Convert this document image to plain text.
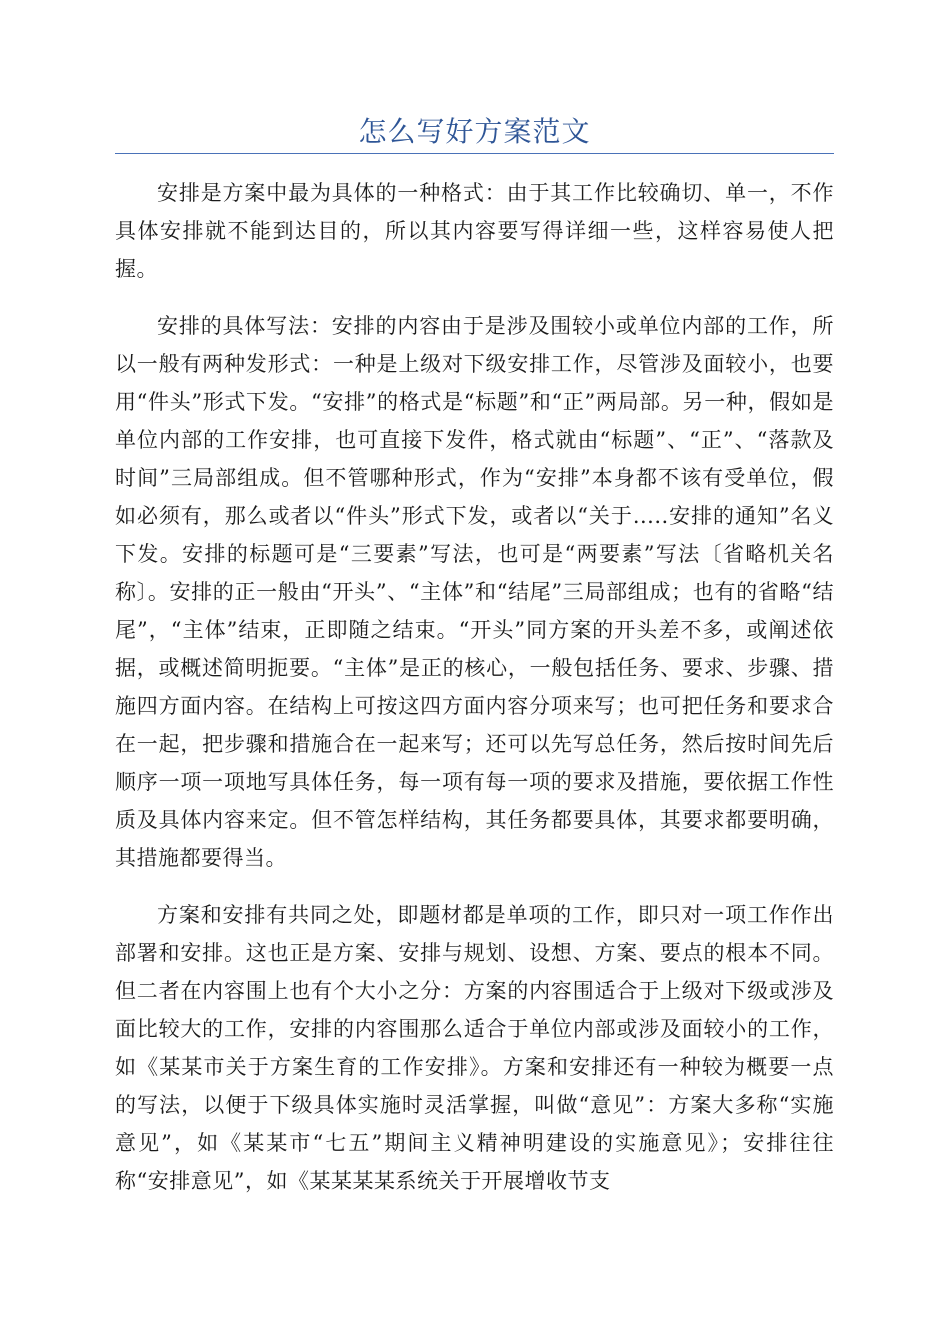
怎么写好方案范文

安排是方案中最为具体的一种格式：由于其工作比较确切、单一，不作具体安排就不能到达目的，所以其内容要写得详细一些，这样容易使人把握。

安排的具体写法：安排的内容由于是涉及围较小或单位内部的工作，所以一般有两种发形式：一种是上级对下级安排工作，尽管涉及面较小，也要用“件头”形式下发。“安排”的格式是“标题”和“正”两局部。另一种，假如是单位内部的工作安排，也可直接下发件，格式就由“标题”、“正”、“落款及时间”三局部组成。但不管哪种形式，作为“安排”本身都不该有受单位，假如必须有，那么或者以“件头”形式下发，或者以“关于.....安排的通知”名义下发。安排的标题可是“三要素”写法，也可是“两要素”写法〔省略机关名称〕。安排的正一般由“开头”、“主体”和“结尾”三局部组成；也有的省略“结尾”，“主体”结束，正即随之结束。“开头”同方案的开头差不多，或阐述依据，或概述简明扼要。“主体”是正的核心，一般包括任务、要求、步骤、措施四方面内容。在结构上可按这四方面内容分项来写；也可把任务和要求合在一起，把步骤和措施合在一起来写；还可以先写总任务，然后按时间先后顺序一项一项地写具体任务，每一项有每一项的要求及措施，要依据工作性质及具体内容来定。但不管怎样结构，其任务都要具体，其要求都要明确，其措施都要得当。

方案和安排有共同之处，即题材都是单项的工作，即只对一项工作作出部署和安排。这也正是方案、安排与规划、设想、方案、要点的根本不同。但二者在内容围上也有个大小之分：方案的内容围适合于上级对下级或涉及面比较大的工作，安排的内容围那么适合于单位内部或涉及面较小的工作，如《某某市关于方案生育的工作安排》。方案和安排还有一种较为概要一点的写法，以便于下级具体实施时灵活掌握，叫做“意见”：方案大多称“实施意见”，如《某某市“七五”期间主义精神明建设的实施意见》；安排往往称“安排意见”，如《某某某某系统关于开展增收节支
